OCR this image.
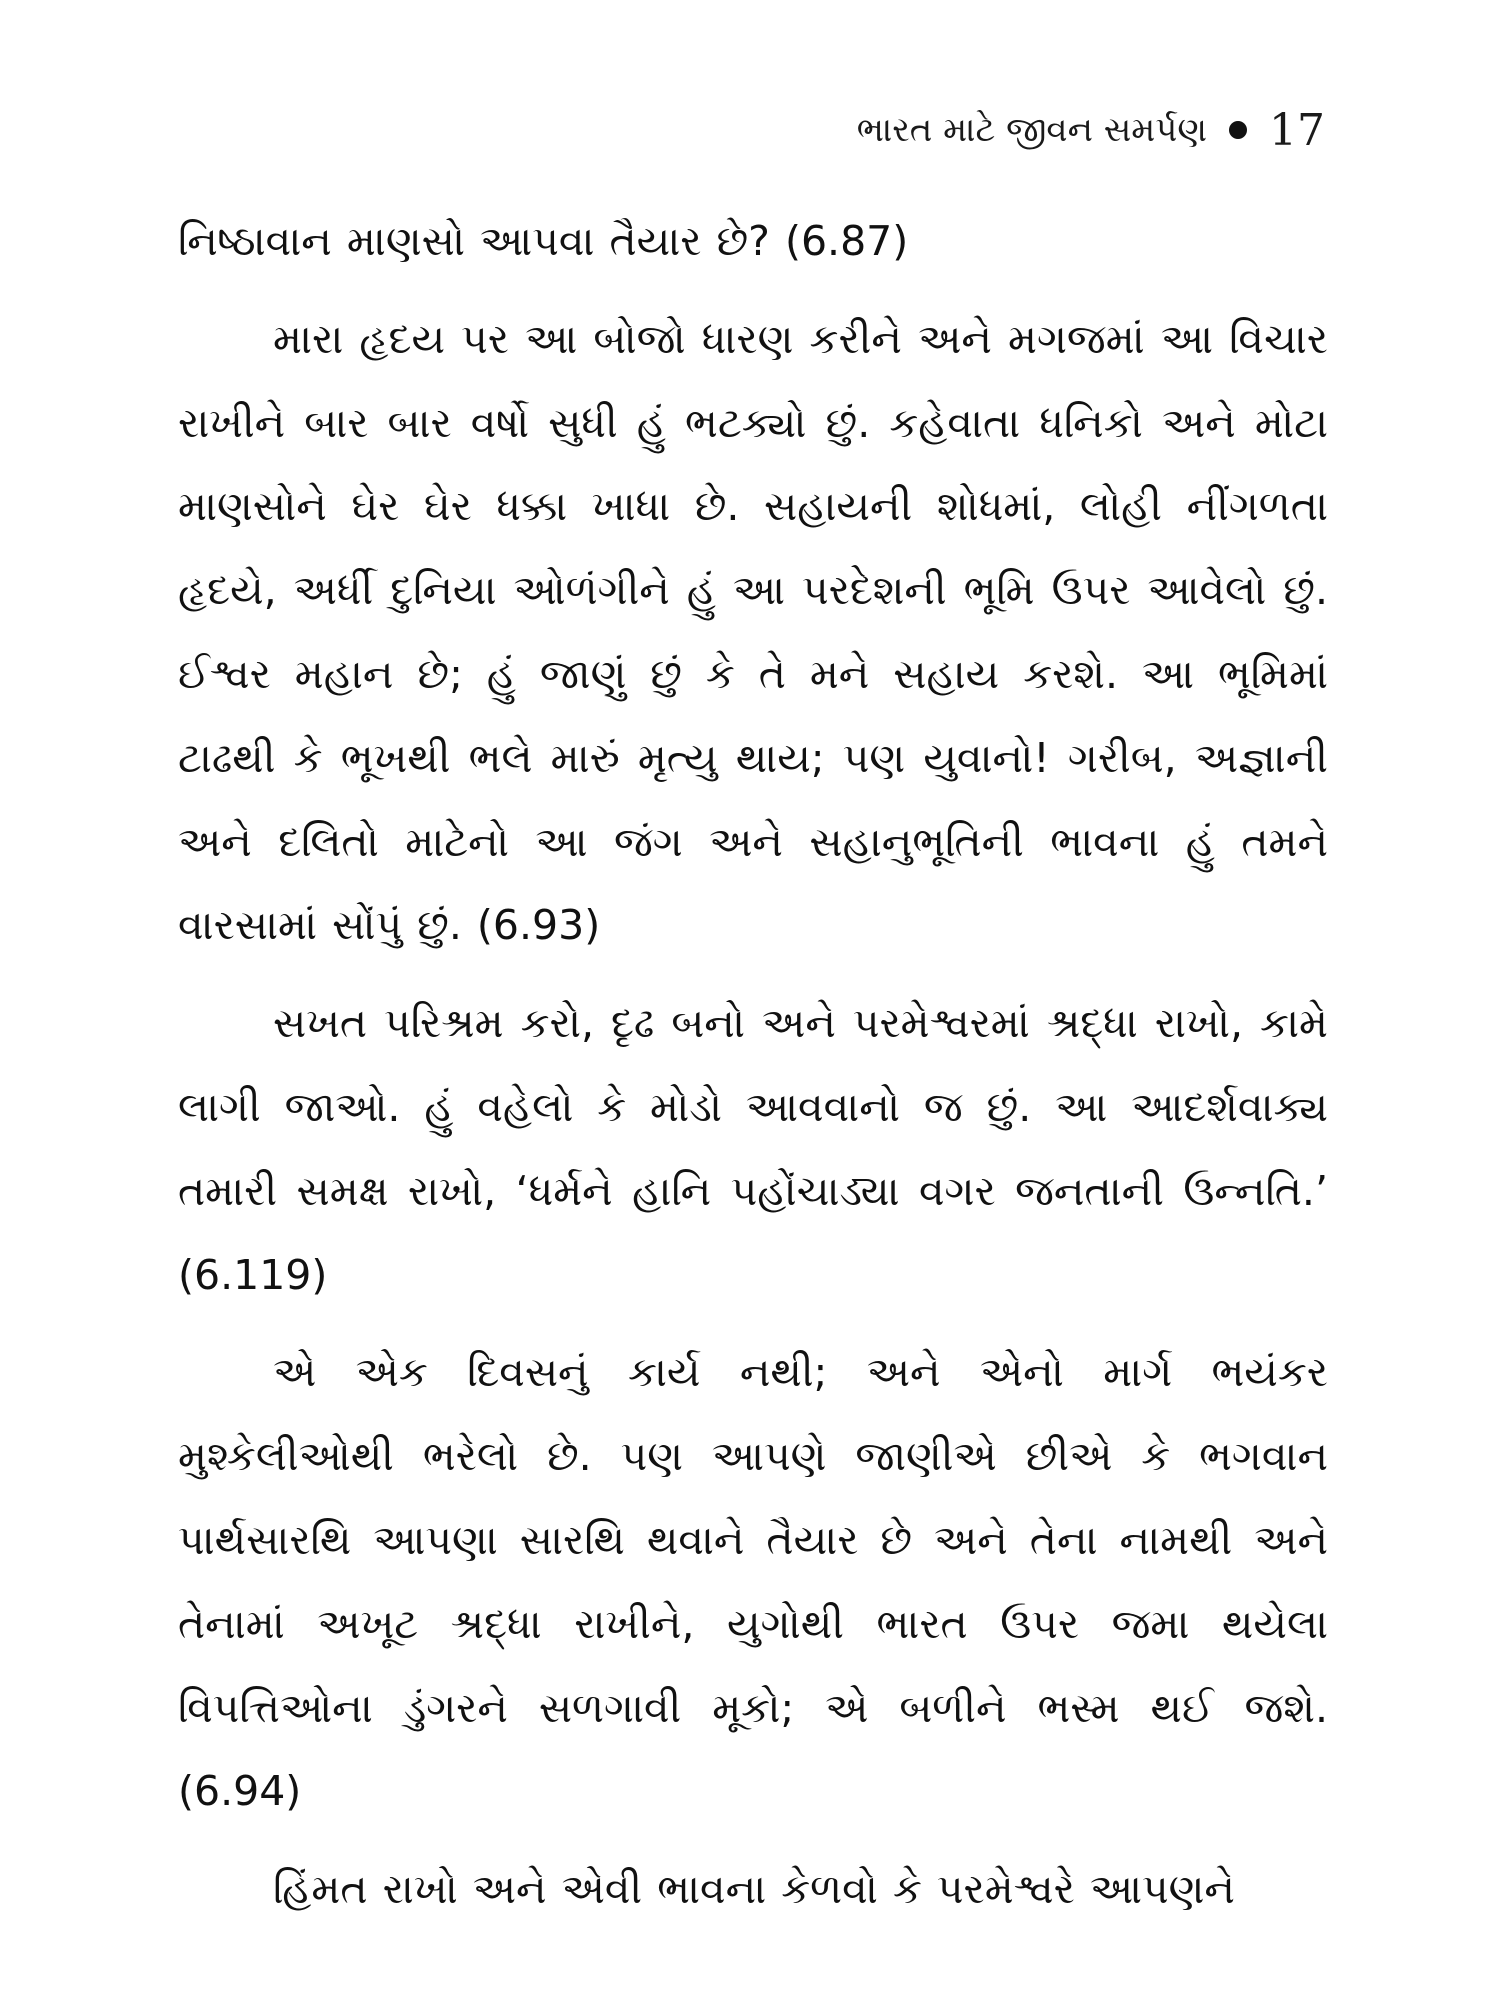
ભારત માટે જીવન સમર્પણ 17

નિષ્ઠાવાન માણસો આપવા તૈયાર છે? (6.87)

મારા હૃદય પર આ બોજો ધારણ કરીને અને મગજમાં આ વિચાર રાખીને બાર બાર વર્ષો સુધી હું ભટક્યો છું. કહેવાતા ધનિકો અને મોટા માણસોને ઘેર ઘેર ધક્કા ખાધા છે. સહાયની શોધમાં, લોહી નીંગળતા હૃદયે, અર્ધી દુનિયા ઓળંગીને હું આ પરદેશની ભૂમિ ઉપર આવેલો છું. ઈશ્વર મહાન છે; હું જાણું છું કે તે મને સહાય કરશે. આ ભૂમિમાં ટાઢથી કે ભૂખથી ભલે મારું મૃત્યુ થાય; પણ યુવાનો! ગરીબ, અજ્ઞાની અને દલિતો માટેનો આ જંગ અને સહાનુભૂતિની ભાવના હું તમને વારસામાં સોંપું છું. (6.93)

સખત પરિશ્રમ કરો, દૃઢ બનો અને પરમેશ્વરમાં શ્રદ્ધા રાખો, કામે લાગી જાઓ. હું વહેલો કે મોડો આવવાનો જ છું. આ આદર્શવાક્ય તમારી સમક્ષ રાખો, ‘ધર્મને હાનિ પહોંચાડ્યા વગર જનતાની ઉન્નતિ.’ (6.119)

એ એક દિવસનું કાર્ય નથી; અને એનો માર્ગ ભયંકર મુશ્કેલીઓથી ભરેલો છે. પણ આપણે જાણીએ છીએ કે ભગવાન પાર્થસારથિ આપણા સારથિ થવાને તૈયાર છે અને તેના નામથી અને તેનામાં અખૂટ શ્રદ્ધા રાખીને, યુગોથી ભારત ઉપર જમા થયેલા વિપત્તિઓના ડુંગરને સળગાવી મૂકો; એ બળીને ભસ્મ થઈ જશે. (6.94)

હિંમત રાખો અને એવી ભાવના કેળવો કે પરમેશ્વરે આપણને
